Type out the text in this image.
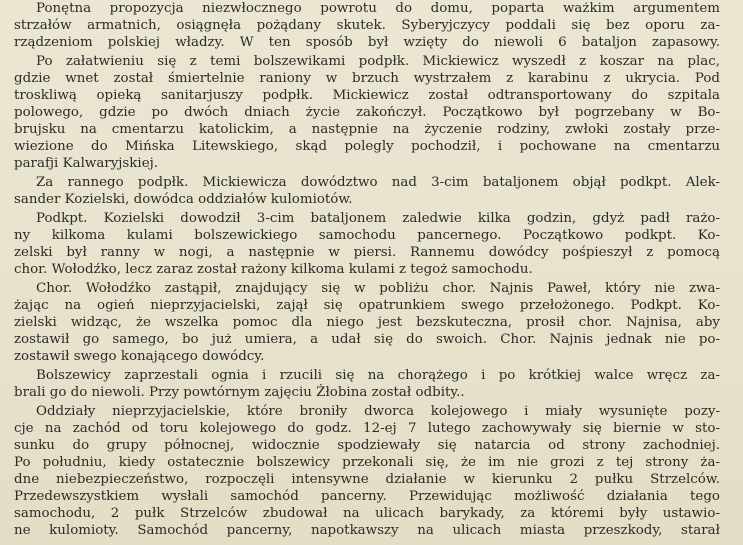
Ponętna propozycja niezwłocznego powrotu do domu, poparta ważkim argumentem
strzałów armatnich, osiągnęła pożądany skutek. Syberyjczycy poddali się bez oporu za-
rządzeniom polskiej władzy. W ten sposób był wzięty do niewoli 6 bataljon zapasowy.
Po załatwieniu się z temi bolszewikami podpłk. Mickiewicz wyszedł z koszar na plac,
gdzie wnet został śmiertelnie raniony w brzuch wystrzałem z karabinu z ukrycia. Pod
troskliwą opieką sanitarjuszy podpłk. Mickiewicz został odtransportowany do szpitala
polowego, gdzie po dwóch dniach życie zakończył. Początkowo był pogrzebany w Bo-
brujsku na cmentarzu katolickim, a następnie na życzenie rodziny, zwłoki zostały prze-
wiezione do Mińska Litewskiego, skąd polegly pochodził, i pochowane na cmentarzu
parafji Kalwaryjskiej.
Za rannego podpłk. Mickiewicza dowództwo nad 3-cim bataljonem objął podkpt. Alek-
sander Kozielski, dowódca oddziałów kulomiotów.
Podkpt. Kozielski dowodził 3-cim bataljonem zaledwie kilka godzin, gdyż padł rażo-
ny kilkoma kulami bolszewickiego samochodu pancernego. Początkowo podkpt. Ko-
zelski był ranny w nogi, a następnie w piersi. Rannemu dowódcy pośpieszył z pomocą
chor. Wołodźko, lecz zaraz został rażony kilkoma kulami z tegoż samochodu.
Chor. Wołodźko zastąpił, znajdujący się w pobliżu chor. Najnis Paweł, który nie zwa-
żając na ogień nieprzyjacielski, zajął się opatrunkiem swego przełożonego. Podkpt. Ko-
zielski widząc, że wszelka pomoc dla niego jest bezskuteczna, prosił chor. Najnisa, aby
zostawił go samego, bo już umiera, a udał się do swoich. Chor. Najnis jednak nie po-
zostawił swego konającego dowódcy.
Bolszewicy zaprzestali ognia i rzucili się na chorążego i po krótkiej walce wręcz za-
brali go do niewoli. Przy powtórnym zajęciu Żłobina został odbity..
Oddziały nieprzyjacielskie, które broniły dworca kolejowego i miały wysunięte pozy-
cje na zachód od toru kolejowego do godz. 12-ej 7 lutego zachowywały się biernie w sto-
sunku do grupy północnej, widocznie spodziewały się natarcia od strony zachodniej.
Po południu, kiedy ostatecznie bolszewicy przekonali się, że im nie grozi z tej strony ża-
dne niebezpieczeństwo, rozpoczęli intensywne działanie w kierunku 2 pułku Strzelców.
Przedewszystkiem wysłali samochód pancerny. Przewidując możliwość działania tego
samochodu, 2 pułk Strzelców zbudował na ulicach barykady, za któremi były ustawio-
ne kulomioty. Samochód pancerny, napotkawszy na ulicach miasta przeszkody, starał
